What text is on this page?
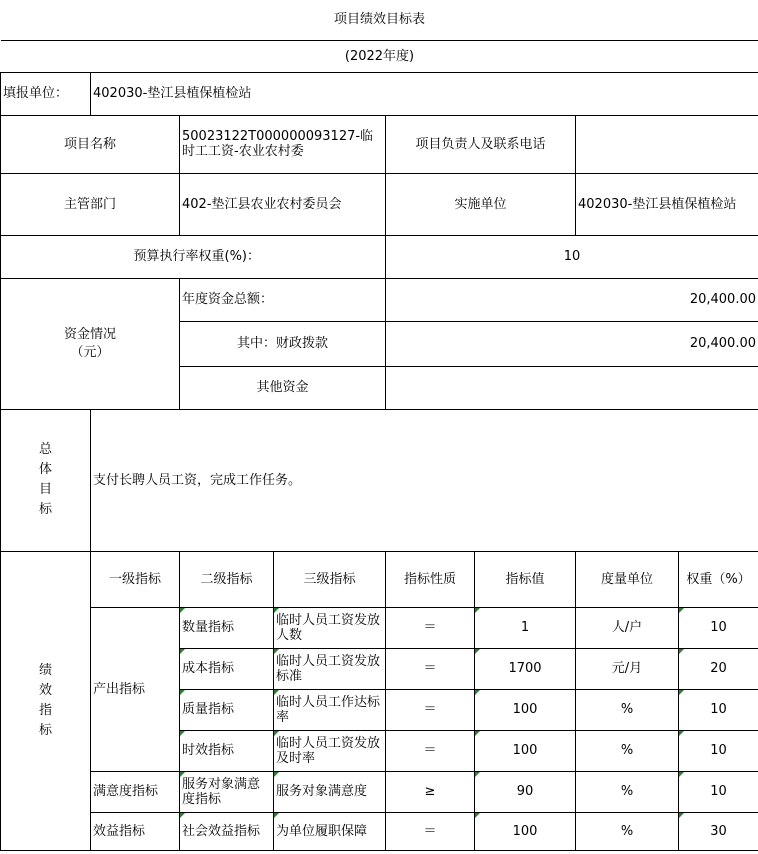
项目绩效目标表							
(2022年度)							
填报单位：	402030-垫江县植保植检站						
项目名称		50023122T000000093127-临时工工资-农业农村委		项目负责人及联系电话			
主管部门		402-垫江县农业农村委员会		实施单位		402030-垫江县植保植检站	
预算执行率权重(%)：				10			

资金情况（元）		年度资金总额：		20,400.00			
		其中：财政拨款		20,400.00			
		其他资金					

总体目标	支付长聘人员工资，完成工作任务。						

绩效指标	一级指标	二级指标	三级指标	指标性质	指标值	度量单位	权重（%）
	产出指标	数量指标	临时人员工资发放人数	＝	1	人/户	10
		成本指标	临时人员工资发放标准	＝	1700	元/月	20
		质量指标	临时人员工作达标率	＝	100	%	10
		时效指标	临时人员工资发放及时率	＝	100	%	10
	满意度指标	服务对象满意度指标	服务对象满意度	≥	90	%	10
	效益指标	社会效益指标	为单位履职保障	＝	100	%	30
